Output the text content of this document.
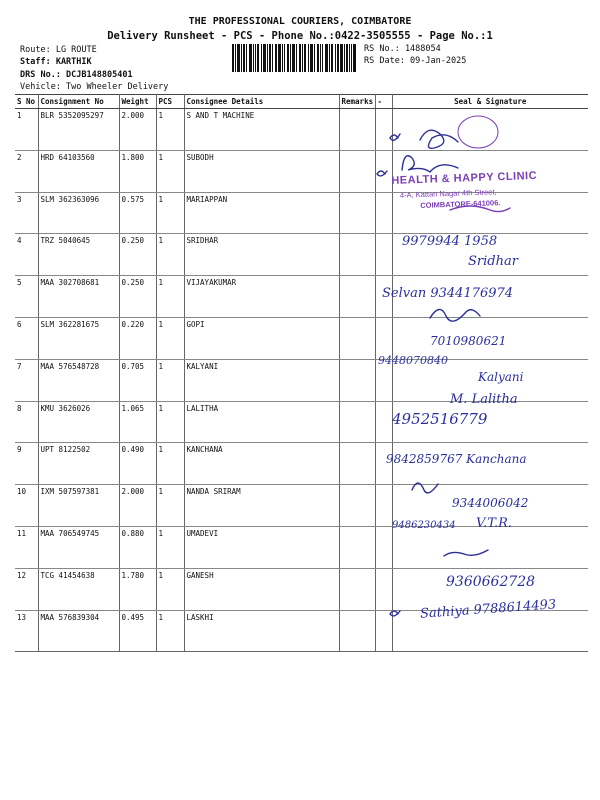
THE PROFESSIONAL COURIERS, COIMBATORE
Delivery Runsheet - PCS - Phone No.:0422-3505555 - Page No.:1
Route: LG ROUTE
Staff: KARTHIK
DRS No.: DCJB148805401
Vehicle: Two Wheeler Delivery
RS No.: 1488054
RS Date: 09-Jan-2025
S No	Consignment No	Weight	PCS	Consignee Details	Remarks	-	Seal & Signature
1	BLR 5352095297	2.000	1	S AND T MACHINE			
2	HRD 64103560	1.800	1	SUBODH			
3	SLM 362363096	0.575	1	MARIAPPAN			
4	TRZ 5040645	0.250	1	SRIDHAR			
5	MAA 302708681	0.250	1	VIJAYAKUMAR			
6	SLM 362281675	0.220	1	GOPI			
7	MAA 576548728	0.705	1	KALYANI			
8	KMU 3626026	1.065	1	LALITHA			
9	UPT 8122502	0.490	1	KANCHANA			
10	IXM 507597381	2.000	1	NANDA SRIRAM			
11	MAA 706549745	0.880	1	UMADEVI			
12	TCG 41454638	1.780	1	GANESH			
13	MAA 576839304	0.495	1	LASKHI			
HEALTH & HAPPY CLINIC
4-A, Kattan Nagar 4th Street,
COIMBATORE-641006.
9979944 1958
Sridhar
Selvan 9344176974
7010980621
9448070840
Kalyani
M. Lalitha
4952516779
9842859767 Kanchana
9344006042
9486230434 V.T.R.
9360662728
Sathiya 9788614493
